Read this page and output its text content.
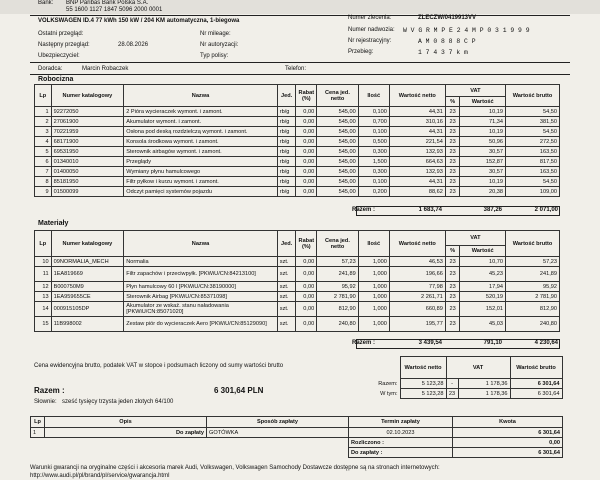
Bank: BNP Paribas Bank Polska S.A.
55 1600 1127 1847 5096 2000 0001
VOLKSWAGEN ID.4 77 kWh 150 kW / 204 KM automatyczna, 1-biegowa
Ostatni przegląd:
Następny przegląd:	28.08.2026
Ubezpieczyciel:
Nr mileage:
Nr autoryzacji:
Typ polisy:
Numer zlecenia:	ZLECZW/0419913VV
Numer nadwozia: W V G R M P E 2 4 M P 0 3 1 9 9 9
Nr rejestracyjny:	A M 0 8 8 8 C P
Przebieg:	1 7 4 3 7 k m
Doradca:	Marcin Robaczek	Telefon:
Robocizna
Lp	Numer katalogowy	Nazwa	Jed.	Rabat (%)	Cena jed. netto	Ilość	Wartość netto	VAT		Wartość brutto
								%	Wartość	
1	92272050	2 Pióra wycieraczek wymont. i zamont.	rb/g	0,00	545,00	0,100	44,31	23	10,19	54,50
2	27061900	Akumulator wymont. i zamont.	rb/g	0,00	545,00	0,700	310,16	23	71,34	381,50
3	70221959	Osłona pod deską rozdzielczą wymont. i zamont.	rb/g	0,00	545,00	0,100	44,31	23	10,19	54,50
4	68171900	Konsola środkowa wymont. i zamont.	rb/g	0,00	545,00	0,500	221,54	23	50,96	272,50
5	69531950	Sterownik airbagów wymont. i zamont.	rb/g	0,00	545,00	0,300	132,93	23	30,57	163,50
6	01340010	Przeglądy	rb/g	0,00	545,00	1,500	664,63	23	152,87	817,50
7	01400050	Wymiany płynu hamulcowego	rb/g	0,00	545,00	0,300	132,93	23	30,57	163,50
8	85181950	Filtr pyłkow i kurzu wymont. i zamont.	rb/g	0,00	545,00	0,100	44,31	23	10,19	54,50
9	01500099	Odczyt pamięci systemów pojazdu	rb/g	0,00	545,00	0,200	88,62	23	20,38	109,00
Razem :	1 683,74	387,26	2 071,00
Materiały
Lp	Numer katalogowy	Nazwa	Jed.	Rabat (%)	Cena jed. netto	Ilość	Wartość netto	VAT		Wartość brutto
								%	Wartość	
10	09NORMALIA_MECH	Normalia	szt.	0,00	57,23	1,000	46,53	23	10,70	57,23
11	1EA819669	Filtr zapachów i przeciwpyłk. [PKWiU/CN:84213100]	szt.	0,00	241,89	1,000	196,66	23	45,23	241,89
12	B000750M9	Płyn hamulcowy 60 l [PKWiU/CN:38190000]	szt.	0,00	95,92	1,000	77,98	23	17,94	95,92
13	1EA959655CE	Sterownik Airbag [PKWiU/CN:85371098]	szt.	0,00	2 781,90	1,000	2 261,71	23	520,19	2 781,90
14	000915105DP	Akumulator ze wskaź. stanu naładowania [PKWiU/CN:85071020]	szt.	0,00	812,90	1,000	660,89	23	152,01	812,90
15	11B998002	Zestaw piór do wycieraczek Aero [PKWiU/CN:85129090]	szt.	0,00	240,80	1,000	195,77	23	45,03	240,80
Razem :	3 439,54	791,10	4 230,64
Cena ewidencyjna brutto, podatek VAT w stopce i podsumach liczony od sumy wartości brutto
Razem :	6 301,64 PLN
Słownie: sześć tysięcy trzysta jeden złotych 64/100
	Wartość netto	VAT		Wartość brutto
Razem:	5 123,28	-	1 178,36	6 301,64
W tym:	5 123,28	23	1 178,36	6 301,64
Lp	Opis	Sposób zapłaty	Termin zapłaty	Kwota
1	Do zapłaty	GOTÓWKA	02.10.2023	6 301,64
			Rozliczono :	0,00
			Do zapłaty :	6 301,64
Warunki gwarancji na oryginalne części i akcesoria marek Audi, Volkswagen, Volkswagen Samochody Dostawcze dostępne są na stronach internetowych:
http://www.audi.pl/pl/brand/pl/service/gwarancja.html
